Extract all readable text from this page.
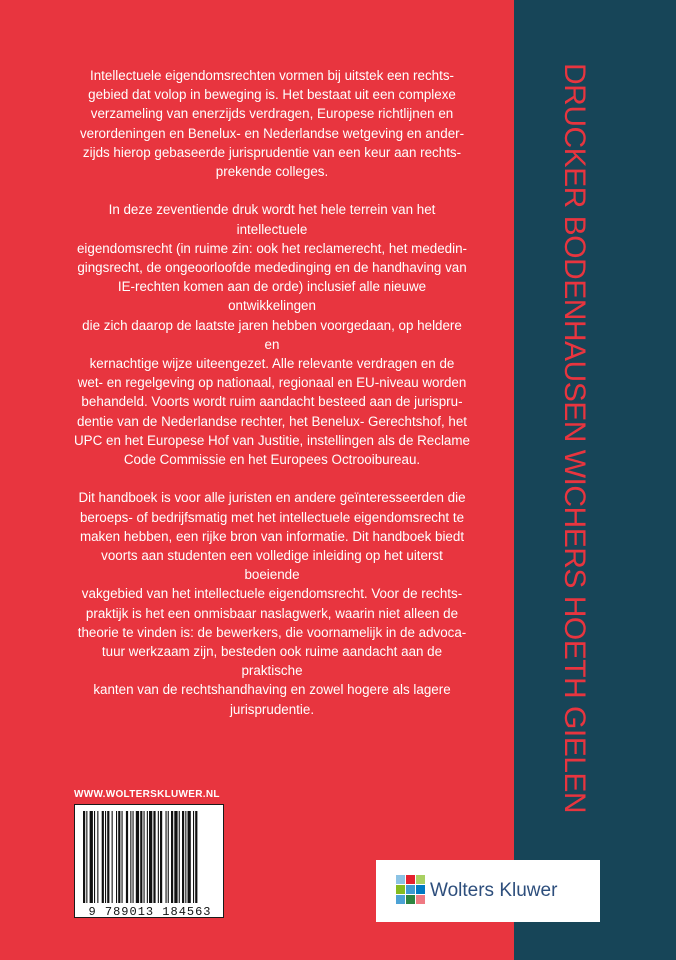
DRUCKER BODENHAUSEN WICHERS HOETH GIELEN

Intellectuele eigendomsrechten vormen bij uitstek een rechts-
gebied dat volop in beweging is. Het bestaat uit een complexe
verzameling van enerzijds verdragen, Europese richtlijnen en
verordeningen en Benelux- en Nederlandse wetgeving en ander-
zijds hierop gebaseerde jurisprudentie van een keur aan rechts-
prekende colleges.

In deze zeventiende druk wordt het hele terrein van het intellectuele
eigendomsrecht (in ruime zin: ook het reclamerecht, het mededin-
gingsrecht, de ongeoorloofde mededinging en de handhaving van
IE-rechten komen aan de orde) inclusief alle nieuwe ontwikkelingen
die zich daarop de laatste jaren hebben voorgedaan, op heldere en
kernachtige wijze uiteengezet. Alle relevante verdragen en de
wet- en regelgeving op nationaal, regionaal en EU-niveau worden
behandeld. Voorts wordt ruim aandacht besteed aan de jurispru-
dentie van de Nederlandse rechter, het Benelux- Gerechtshof, het
UPC en het Europese Hof van Justitie, instellingen als de Reclame
Code Commissie en het Europees Octrooibureau.

Dit handboek is voor alle juristen en andere geïnteresseerden die
beroeps- of bedrijfsmatig met het intellectuele eigendomsrecht te
maken hebben, een rijke bron van informatie. Dit handboek biedt
voorts aan studenten een volledige inleiding op het uiterst boeiende
vakgebied van het intellectuele eigendomsrecht. Voor de rechts-
praktijk is het een onmisbaar naslagwerk, waarin niet alleen de
theorie te vinden is: de bewerkers, die voornamelijk in de advoca-
tuur werkzaam zijn, besteden ook ruime aandacht aan de praktische
kanten van de rechtshandhaving en zowel hogere als lagere
jurisprudentie.

WWW.WOLTERSKLUWER.NL
9 789013 184563
Wolters Kluwer
